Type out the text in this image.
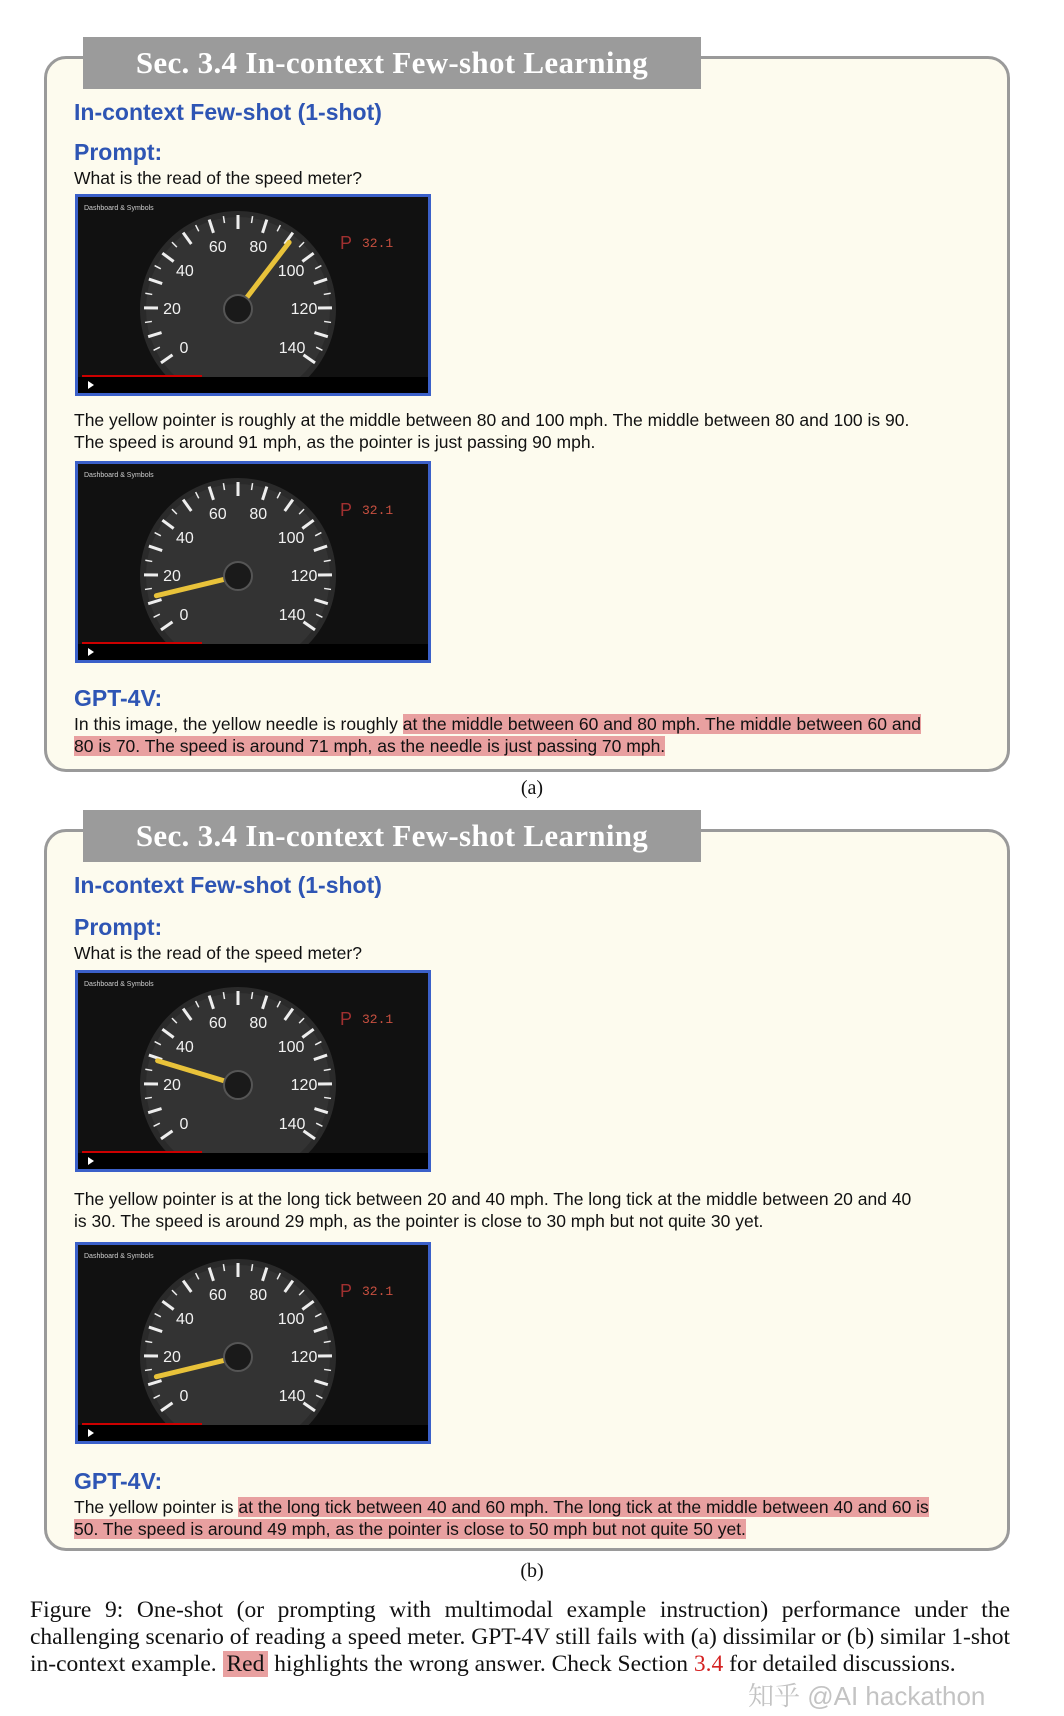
Sec. 3.4 In-context Few-shot Learning
In-context Few-shot (1-shot)
Prompt:
What is the read of the speed meter?
Dashboard & Symbols
0
20
40
60 80
100
120
140
P 32.1
The yellow pointer is roughly at the middle between 80 and 100 mph. The middle between 80 and 100 is 90.
The speed is around 91 mph, as the pointer is just passing 90 mph.
Dashboard & Symbols
0
20
40
60 80
100
120
140
P 32.1
GPT-4V:
In this image, the yellow needle is roughly at the middle between 60 and 80 mph. The middle between 60 and
80 is 70. The speed is around 71 mph, as the needle is just passing 70 mph.
(a)
Sec. 3.4 In-context Few-shot Learning
In-context Few-shot (1-shot)
Prompt:
What is the read of the speed meter?
Dashboard & Symbols
0
20
40
60 80
100
120
140
P 32.1
The yellow pointer is at the long tick between 20 and 40 mph. The long tick at the middle between 20 and 40
is 30. The speed is around 29 mph, as the pointer is close to 30 mph but not quite 30 yet.
Dashboard & Symbols
0
20
40
60 80
100
120
140
P 32.1
GPT-4V:
The yellow pointer is at the long tick between 40 and 60 mph. The long tick at the middle between 40 and 60 is
50. The speed is around 49 mph, as the pointer is close to 50 mph but not quite 50 yet.
(b)
Figure 9: One-shot (or prompting with multimodal example instruction) performance under the challenging scenario of reading a speed meter. GPT-4V still fails with (a) dissimilar or (b) similar 1-shot in-context example. Red highlights the wrong answer. Check Section 3.4 for detailed discussions.
知乎 @AI hackathon
